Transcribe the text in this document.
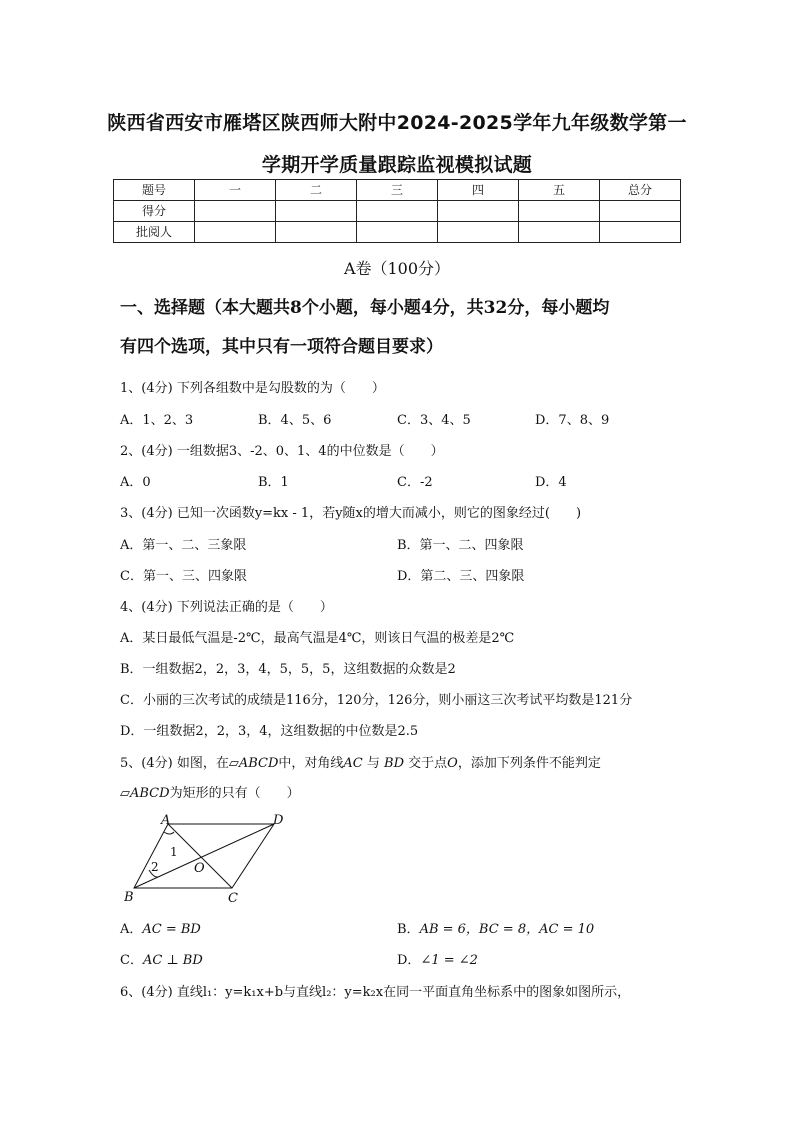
陕西省西安市雁塔区陕西师大附中2024-2025学年九年级数学第一
学期开学质量跟踪监视模拟试题
题号	一	二	三	四	五	总分
得分						
批阅人						
A卷（100分）
一、选择题（本大题共8个小题，每小题4分，共32分，每小题均
有四个选项，其中只有一项符合题目要求）
1、(4分) 下列各组数中是勾股数的为（　　）
A．1、2、3	B．4、5、6	C．3、4、5	D．7、8、9
2、(4分) 一组数据3、-2、0、1、4的中位数是（　　）
A．0	B．1	C．-2	D．4
3、(4分) 已知一次函数y=kx - 1，若y随x的增大而减小，则它的图象经过(　　)
A．第一、二、三象限	B．第一、二、四象限
C．第一、三、四象限	D．第二、三、四象限
4、(4分) 下列说法正确的是（　　）
A．某日最低气温是-2℃，最高气温是4℃，则该日气温的极差是2℃
B．一组数据2，2，3，4，5，5，5，这组数据的众数是2
C．小丽的三次考试的成绩是116分，120分，126分，则小丽这三次考试平均数是121分
D．一组数据2，2，3，4，这组数据的中位数是2.5
5、(4分) 如图，在▱ABCD中，对角线AC 与 BD 交于点O，添加下列条件不能判定
▱ABCD为矩形的只有（　　）
A	D
B	C
O
1
2
A．AC = BD	B．AB = 6，BC = 8，AC = 10
C．AC ⊥ BD	D．∠1 = ∠2
6、(4分) 直线l₁：y=k₁x+b与直线l₂：y=k₂x在同一平面直角坐标系中的图象如图所示，
